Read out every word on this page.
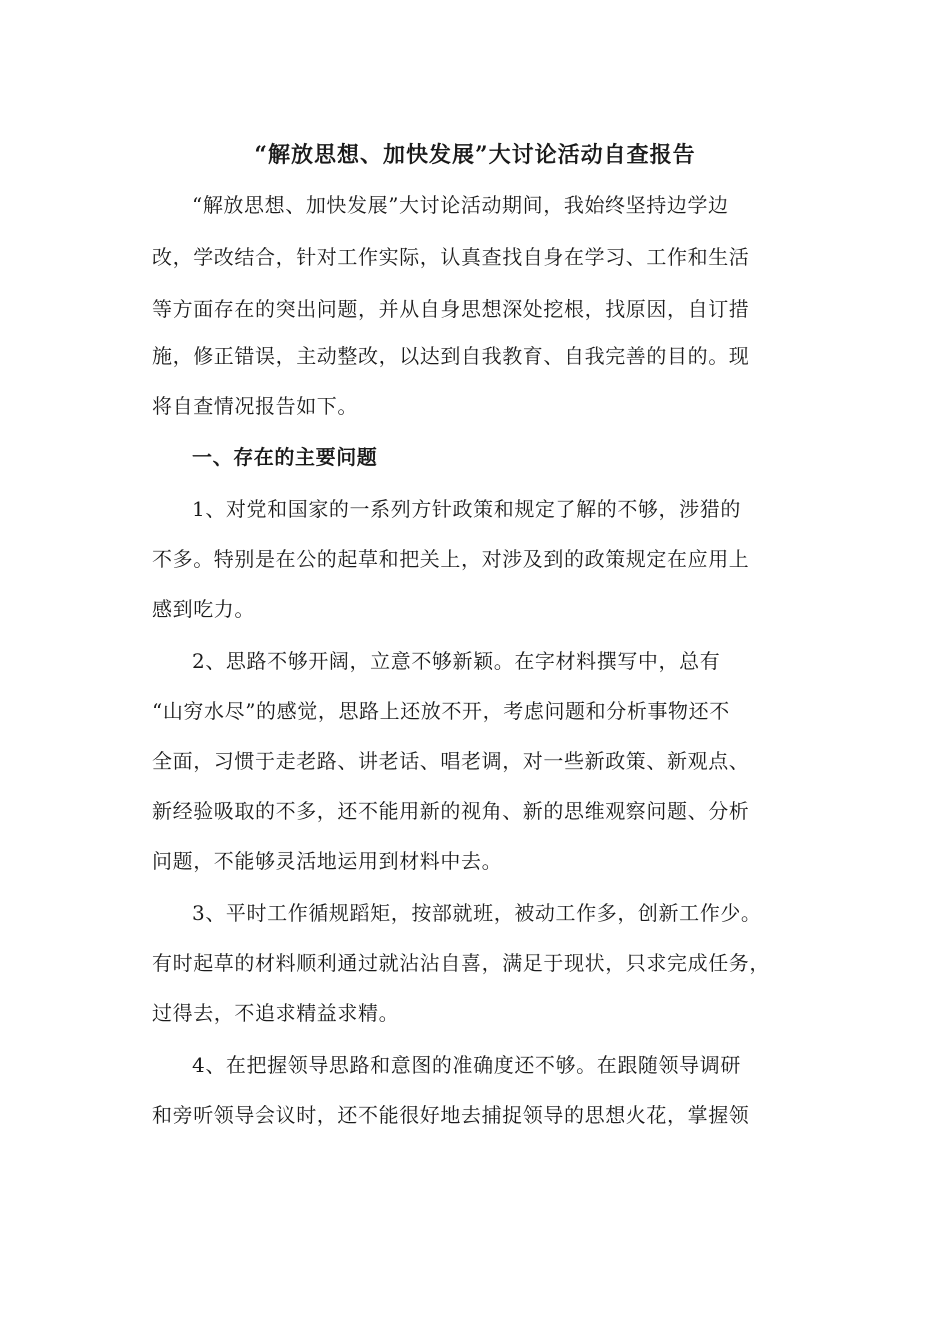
“解放思想、加快发展”大讨论活动自查报告
“解放思想、加快发展”大讨论活动期间，我始终坚持边学边
改，学改结合，针对工作实际，认真查找自身在学习、工作和生活
等方面存在的突出问题，并从自身思想深处挖根，找原因，自订措
施，修正错误，主动整改，以达到自我教育、自我完善的目的。现
将自查情况报告如下。
一、存在的主要问题
1、对党和国家的一系列方针政策和规定了解的不够，涉猎的
不多。特别是在公的起草和把关上，对涉及到的政策规定在应用上
感到吃力。
2、思路不够开阔，立意不够新颖。在字材料撰写中，总有
“山穷水尽”的感觉，思路上还放不开，考虑问题和分析事物还不
全面，习惯于走老路、讲老话、唱老调，对一些新政策、新观点、
新经验吸取的不多，还不能用新的视角、新的思维观察问题、分析
问题，不能够灵活地运用到材料中去。
3、平时工作循规蹈矩，按部就班，被动工作多，创新工作少。
有时起草的材料顺利通过就沾沾自喜，满足于现状，只求完成任务，
过得去，不追求精益求精。
4、在把握领导思路和意图的准确度还不够。在跟随领导调研
和旁听领导会议时，还不能很好地去捕捉领导的思想火花，掌握领
